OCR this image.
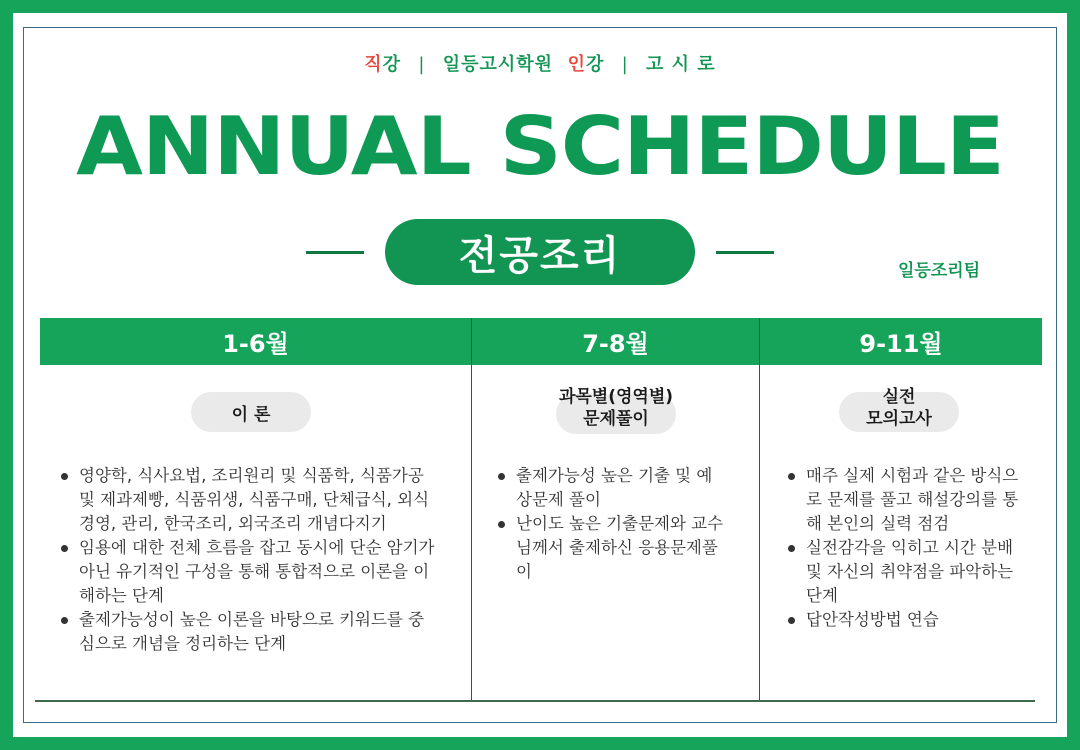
직강 | 일등고시학원 인강 | 고 시 로
ANNUAL SCHEDULE
전공조리	일등조리팀
1-6월
이 론
영양학, 식사요법, 조리원리 및 식품학, 식품가공 및 제과제빵, 식품위생, 식품구매, 단체급식, 외식경영, 관리, 한국조리, 외국조리 개념다지기
임용에 대한 전체 흐름을 잡고 동시에 단순 암기가 아닌 유기적인 구성을 통해 통합적으로 이론을 이해하는 단계
출제가능성이 높은 이론을 바탕으로 키워드를 중심으로 개념을 정리하는 단계
7-8월
과목별(영역별)
문제풀이
출제가능성 높은 기출 및 예상문제 풀이
난이도 높은 기출문제와 교수님께서 출제하신 응용문제풀이
9-11월
실전
모의고사
매주 실제 시험과 같은 방식으로 문제를 풀고 해설강의를 통해 본인의 실력 점검
실전감각을 익히고 시간 분배 및 자신의 취약점을 파악하는 단계
답안작성방법 연습
